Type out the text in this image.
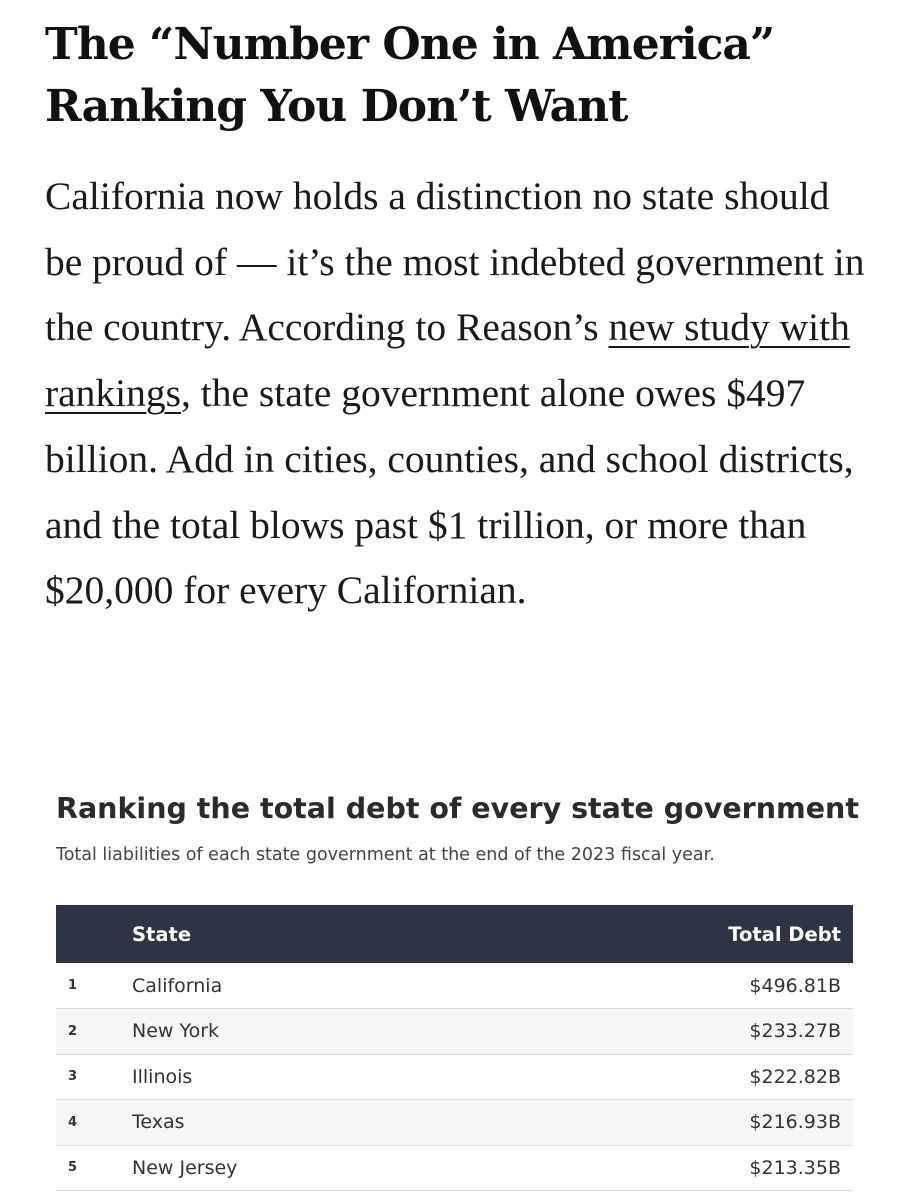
The “Number One in America” Ranking You Don’t Want

California now holds a distinction no state should be proud of — it’s the most indebted government in the country. According to Reason’s new study with rankings, the state government alone owes $497 billion. Add in cities, counties, and school districts, and the total blows past $1 trillion, or more than $20,000 for every Californian.

Ranking the total debt of every state government

Total liabilities of each state government at the end of the 2023 fiscal year.

	State	Total Debt
1	California	$496.81B
2	New York	$233.27B
3	Illinois	$222.82B
4	Texas	$216.93B
5	New Jersey	$213.35B
